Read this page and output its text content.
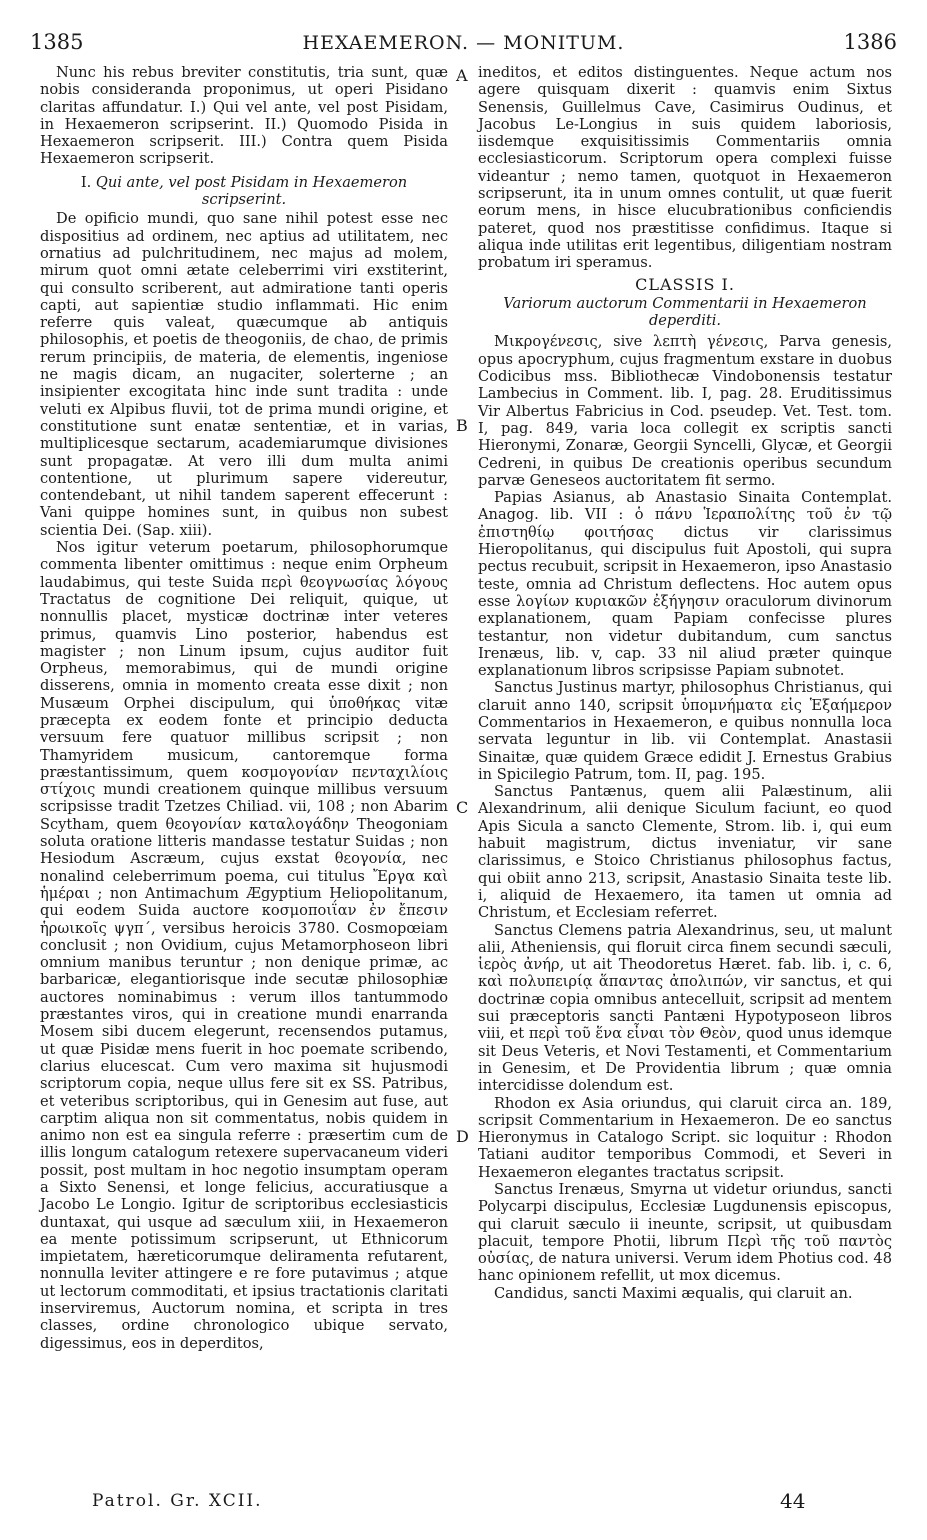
1385	HEXAEMERON. — MONITUM.	1386

Nunc his rebus breviter constitutis, tria sunt, quæ nobis consideranda proponimus, ut operi Pisidano claritas affundatur. I.) Qui vel ante, vel post Pisidam, in Hexaemeron scripserint. II.) Quomodo Pisida in Hexaemeron scripserit. III.) Contra quem Pisida Hexaemeron scripserit.

I. Qui ante, vel post Pisidam in Hexaemeron scripserint.

De opificio mundi, quo sane nihil potest esse nec dispositius ad ordinem, nec aptius ad utilitatem, nec ornatius ad pulchritudinem, nec majus ad molem, mirum quot omni ætate celeberrimi viri exstiterint, qui consulto scriberent, aut admiratione tanti operis capti, aut sapientiæ studio inflammati. Hic enim referre quis valeat, quæcumque ab antiquis philosophis, et poetis de theogoniis, de chao, de primis rerum principiis, de materia, de elementis, ingeniose ne magis dicam, an nugaciter, solerterne ; an insipienter excogitata hinc inde sunt tradita : unde veluti ex Alpibus fluvii, tot de prima mundi origine, et constitutione sunt enatæ sententiæ, et in varias, multiplicesque sectarum, academiarumque divisiones sunt propagatæ. At vero illi dum multa animi contentione, ut plurimum sapere videreutur, contendebant, ut nihil tandem saperent effecerunt : Vani quippe homines sunt, in quibus non subest scientia Dei. (Sap. xiii).

Nos igitur veterum poetarum, philosophorumque commenta libenter omittimus : neque enim Orpheum laudabimus, qui teste Suida περὶ θεογνωσίας λόγους Tractatus de cognitione Dei reliquit, quique, ut nonnullis placet, mysticæ doctrinæ inter veteres primus, quamvis Lino posterior, habendus est magister ; non Linum ipsum, cujus auditor fuit Orpheus, memorabimus, qui de mundi origine disserens, omnia in momento creata esse dixit ; non Musæum Orphei discipulum, qui ὑποθήκας vitæ præcepta ex eodem fonte et principio deducta versuum fere quatuor millibus scripsit ; non Thamyridem musicum, cantoremque forma præstantissimum, quem κοσμογονίαν πενταχιλίοις στίχοις mundi creationem quinque millibus versuum scripsisse tradit Tzetzes Chiliad. vii, 108 ; non Abarim Scytham, quem θεογονίαν καταλογάδην Theogoniam soluta oratione litteris mandasse testatur Suidas ; non Hesiodum Ascræum, cujus exstat θεογονία, nec nonalind celeberrimum poema, cui titulus Ἔργα καὶ ἡμέραι ; non Antimachum Ægyptium Heliopolitanum, qui eodem Suida auctore κοσμοποιΐαν ἐν ἔπεσιν ἡρωικοῖς ψγπ´, versibus heroicis 3780. Cosmopœiam conclusit ; non Ovidium, cujus Metamorphoseon libri omnium manibus teruntur ; non denique primæ, ac barbaricæ, elegantiorisque inde secutæ philosophiæ auctores nominabimus : verum illos tantummodo præstantes viros, qui in creatione mundi enarranda Mosem sibi ducem elegerunt, recensendos putamus, ut quæ Pisidæ mens fuerit in hoc poemate scribendo, clarius elucescat. Cum vero maxima sit hujusmodi scriptorum copia, neque ullus fere sit ex SS. Patribus, et veteribus scriptoribus, qui in Genesim aut fuse, aut carptim aliqua non sit commentatus, nobis quidem in animo non est ea singula referre : præsertim cum de illis longum catalogum retexere supervacaneum videri possit, post multam in hoc negotio insumptam operam a Sixto Senensi, et longe felicius, accuratiusque a Jacobo Le Longio. Igitur de scriptoribus ecclesiasticis duntaxat, qui usque ad sæculum xiii, in Hexaemeron ea mente potissimum scripserunt, ut Ethnicorum impietatem, hæreticorumque deliramenta refutarent, nonnulla leviter attingere e re fore putavimus ; atque ut lectorum commoditati, et ipsius tractationis claritati inserviremus, Auctorum nomina, et scripta in tres classes, ordine chronologico ubique servato, digessimus, eos in deperditos,

ineditos, et editos distinguentes. Neque actum nos agere quisquam dixerit : quamvis enim Sixtus Senensis, Guillelmus Cave, Casimirus Oudinus, et Jacobus Le-Longius in suis quidem laboriosis, iisdemque exquisitissimis Commentariis omnia ecclesiasticorum. Scriptorum opera complexi fuisse videantur ; nemo tamen, quotquot in Hexaemeron scripserunt, ita in unum omnes contulit, ut quæ fuerit eorum mens, in hisce elucubrationibus conficiendis pateret, quod nos præstitisse confidimus. Itaque si aliqua inde utilitas erit legentibus, diligentiam nostram probatum iri speramus.

CLASSIS I.
Variorum auctorum Commentarii in Hexaemeron deperditi.

Μικρογένεσις, sive λεπτὴ γένεσις, Parva genesis, opus apocryphum, cujus fragmentum exstare in duobus Codicibus mss. Bibliothecæ Vindobonensis testatur Lambecius in Comment. lib. I, pag. 28. Eruditissimus Vir Albertus Fabricius in Cod. pseudep. Vet. Test. tom. I, pag. 849, varia loca collegit ex scriptis sancti Hieronymi, Zonaræ, Georgii Syncelli, Glycæ, et Georgii Cedreni, in quibus De creationis operibus secundum parvæ Geneseos auctoritatem fit sermo.

Papias Asianus, ab Anastasio Sinaita Contemplat. Anagog. lib. VII : ὁ πάνυ Ἱεραπολίτης τοῦ ἐν τῷ ἐπιστηθίῳ φοιτήσας dictus vir clarissimus Hieropolitanus, qui discipulus fuit Apostoli, qui supra pectus recubuit, scripsit in Hexaemeron, ipso Anastasio teste, omnia ad Christum deflectens. Hoc autem opus esse λογίων κυριακῶν ἐξήγησιν oraculorum divinorum explanationem, quam Papiam confecisse plures testantur, non videtur dubitandum, cum sanctus Irenæus, lib. v, cap. 33 nil aliud præter quinque explanationum libros scripsisse Papiam subnotet.

Sanctus Justinus martyr, philosophus Christianus, qui claruit anno 140, scripsit ὑπομνήματα εἰς Ἑξαήμερον Commentarios in Hexaemeron, e quibus nonnulla loca servata leguntur in lib. vii Contemplat. Anastasii Sinaitæ, quæ quidem Græce edidit J. Ernestus Grabius in Spicilegio Patrum, tom. II, pag. 195.

Sanctus Pantænus, quem alii Palæstinum, alii Alexandrinum, alii denique Siculum faciunt, eo quod Apis Sicula a sancto Clemente, Strom. lib. i, qui eum habuit magistrum, dictus inveniatur, vir sane clarissimus, e Stoico Christianus philosophus factus, qui obiit anno 213, scripsit, Anastasio Sinaita teste lib. i, aliquid de Hexaemero, ita tamen ut omnia ad Christum, et Ecclesiam referret.

Sanctus Clemens patria Alexandrinus, seu, ut malunt alii, Atheniensis, qui floruit circa finem secundi sæculi, ἱερὸς ἀνήρ, ut ait Theodoretus Hæret. fab. lib. i, c. 6, καὶ πολυπειρίᾳ ἅπαντας ἀπολιπών, vir sanctus, et qui doctrinæ copia omnibus antecelluit, scripsit ad mentem sui præceptoris sancti Pantæni Hypotyposeon libros viii, et περὶ τοῦ ἕνα εἶναι τὸν Θεὸν, quod unus idemque sit Deus Veteris, et Novi Testamenti, et Commentarium in Genesim, et De Providentia librum ; quæ omnia intercidisse dolendum est.

Rhodon ex Asia oriundus, qui claruit circa an. 189, scripsit Commentarium in Hexaemeron. De eo sanctus Hieronymus in Catalogo Script. sic loquitur : Rhodon Tatiani auditor temporibus Commodi, et Severi in Hexaemeron elegantes tractatus scripsit.

Sanctus Irenæus, Smyrna ut videtur oriundus, sancti Polycarpi discipulus, Ecclesiæ Lugdunensis episcopus, qui claruit sæculo ii ineunte, scripsit, ut quibusdam placuit, tempore Photii, librum Περὶ τῆς τοῦ παντὸς οὐσίας, de natura universi. Verum idem Photius cod. 48 hanc opinionem refellit, ut mox dicemus.

Candidus, sancti Maximi æqualis, qui claruit an.

A
B
C
D
Patrol. Gr. XCII.	44
